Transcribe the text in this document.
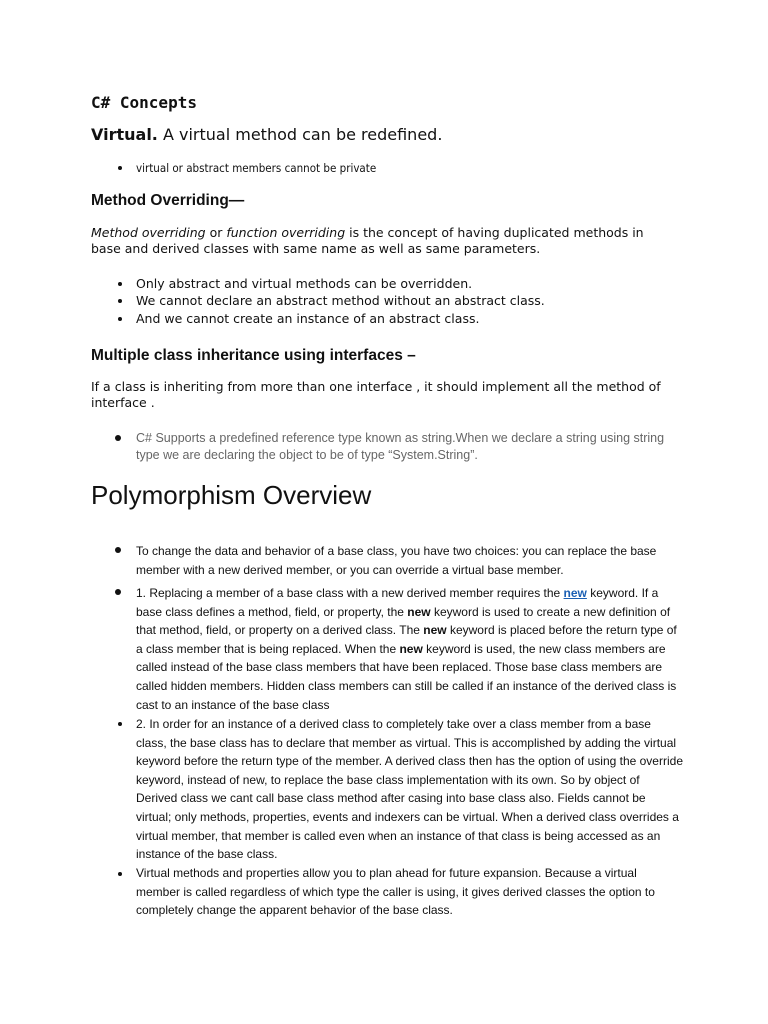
C# Concepts
Virtual. A virtual method can be redefined.
virtual or abstract members cannot be private
Method Overriding—
Method overriding or function overriding is the concept of having duplicated methods in base and derived classes with same name as well as same parameters.
Only abstract and virtual methods can be overridden.
We cannot declare an abstract method without an abstract class.
And we cannot create an instance of an abstract class.
Multiple class inheritance using interfaces –
If a class is inheriting from more than one interface , it should implement all the method of interface .
C# Supports a predefined reference type known as string.When we declare a string using string type we are declaring the object to be of type “System.String”.
Polymorphism Overview
To change the data and behavior of a base class, you have two choices: you can replace the base member with a new derived member, or you can override a virtual base member.
1. Replacing a member of a base class with a new derived member requires the new keyword. If a base class defines a method, field, or property, the new keyword is used to create a new definition of that method, field, or property on a derived class. The new keyword is placed before the return type of a class member that is being replaced. When the new keyword is used, the new class members are called instead of the base class members that have been replaced. Those base class members are called hidden members. Hidden class members can still be called if an instance of the derived class is cast to an instance of the base class
2. In order for an instance of a derived class to completely take over a class member from a base class, the base class has to declare that member as virtual. This is accomplished by adding the virtual keyword before the return type of the member. A derived class then has the option of using the override keyword, instead of new, to replace the base class implementation with its own. So by object of Derived class we cant call base class method after casing into base class also. Fields cannot be virtual; only methods, properties, events and indexers can be virtual. When a derived class overrides a virtual member, that member is called even when an instance of that class is being accessed as an instance of the base class.
Virtual methods and properties allow you to plan ahead for future expansion. Because a virtual member is called regardless of which type the caller is using, it gives derived classes the option to completely change the apparent behavior of the base class.
